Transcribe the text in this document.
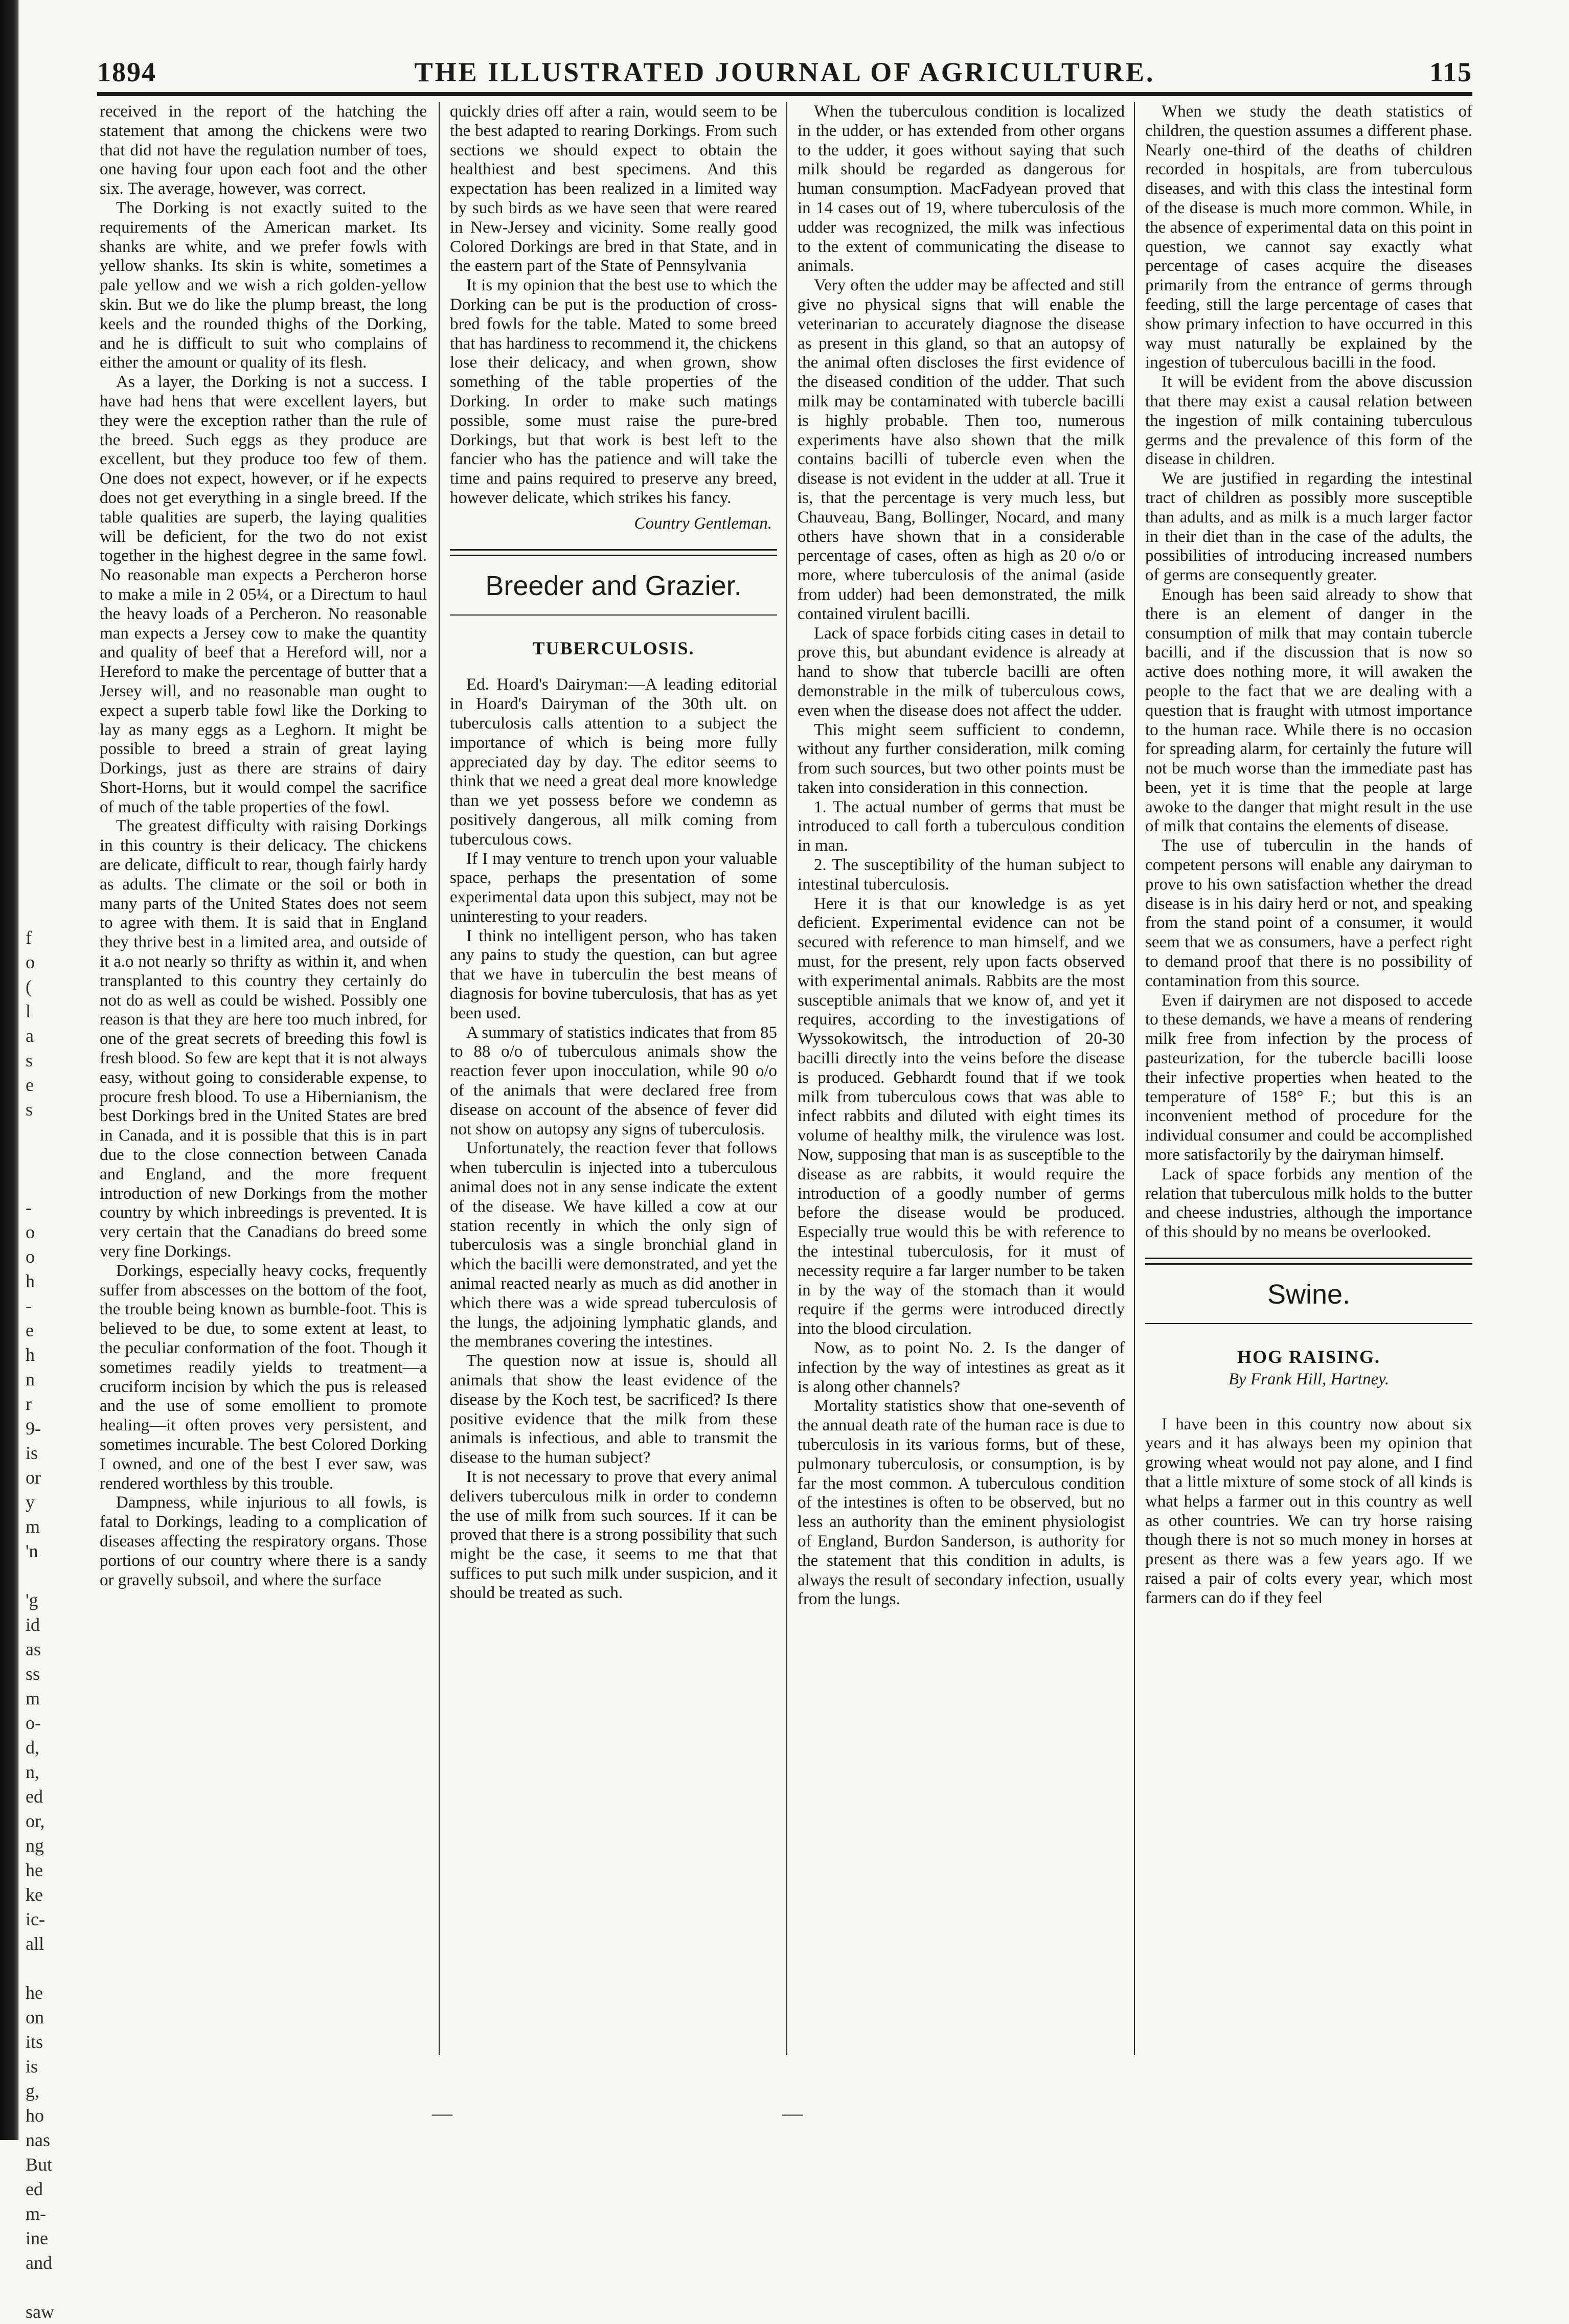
f
o
(
l
a
s
e
s
-
o
o
h
-
e
h
n
r
9-
is
or
y
m
'n
'g
id
as
ss
m
o-
d,
n,
ed
or,
ng
he
ke
ic-
all
he
on
its
is
g,
ho
nas
But
ed
m-
ine
and
saw
1894	THE ILLUSTRATED JOURNAL OF AGRICULTURE.	115

received in the report of the hatching the statement that among the chickens were two that did not have the regulation number of toes, one having four upon each foot and the other six. The average, however, was correct.

The Dorking is not exactly suited to the requirements of the American market. Its shanks are white, and we prefer fowls with yellow shanks. Its skin is white, sometimes a pale yellow and we wish a rich golden-yellow skin. But we do like the plump breast, the long keels and the rounded thighs of the Dorking, and he is difficult to suit who complains of either the amount or quality of its flesh.

As a layer, the Dorking is not a success. I have had hens that were excellent layers, but they were the exception rather than the rule of the breed. Such eggs as they produce are excellent, but they produce too few of them. One does not expect, however, or if he expects does not get everything in a single breed. If the table qualities are superb, the laying qualities will be deficient, for the two do not exist together in the highest degree in the same fowl. No reasonable man expects a Percheron horse to make a mile in 2 05¼, or a Directum to haul the heavy loads of a Percheron. No reasonable man expects a Jersey cow to make the quantity and quality of beef that a Hereford will, nor a Hereford to make the percentage of butter that a Jersey will, and no reasonable man ought to expect a superb table fowl like the Dorking to lay as many eggs as a Leghorn. It might be possible to breed a strain of great laying Dorkings, just as there are strains of dairy Short-Horns, but it would compel the sacrifice of much of the table properties of the fowl.

The greatest difficulty with raising Dorkings in this country is their delicacy. The chickens are delicate, difficult to rear, though fairly hardy as adults. The climate or the soil or both in many parts of the United States does not seem to agree with them. It is said that in England they thrive best in a limited area, and outside of it a.o not nearly so thrifty as within it, and when transplanted to this country they certainly do not do as well as could be wished. Possibly one reason is that they are here too much inbred, for one of the great secrets of breeding this fowl is fresh blood. So few are kept that it is not always easy, without going to considerable expense, to procure fresh blood. To use a Hibernianism, the best Dorkings bred in the United States are bred in Canada, and it is possible that this is in part due to the close connection between Canada and England, and the more frequent introduction of new Dorkings from the mother country by which inbreedings is prevented. It is very certain that the Canadians do breed some very fine Dorkings.

Dorkings, especially heavy cocks, frequently suffer from abscesses on the bottom of the foot, the trouble being known as bumble-foot. This is believed to be due, to some extent at least, to the peculiar conformation of the foot. Though it sometimes readily yields to treatment—a cruciform incision by which the pus is released and the use of some emollient to promote healing—it often proves very persistent, and sometimes incurable. The best Colored Dorking I owned, and one of the best I ever saw, was rendered worthless by this trouble.

Dampness, while injurious to all fowls, is fatal to Dorkings, leading to a complication of diseases affecting the respiratory organs. Those portions of our country where there is a sandy or gravelly subsoil, and where the surface

quickly dries off after a rain, would seem to be the best adapted to rearing Dorkings. From such sections we should expect to obtain the healthiest and best specimens. And this expectation has been realized in a limited way by such birds as we have seen that were reared in New-Jersey and vicinity. Some really good Colored Dorkings are bred in that State, and in the eastern part of the State of Pennsylvania

It is my opinion that the best use to which the Dorking can be put is the production of cross-bred fowls for the table. Mated to some breed that has hardiness to recommend it, the chickens lose their delicacy, and when grown, show something of the table properties of the Dorking. In order to make such matings possible, some must raise the pure-bred Dorkings, but that work is best left to the fancier who has the patience and will take the time and pains required to preserve any breed, however delicate, which strikes his fancy.

Country Gentleman.
Breeder and Grazier.
TUBERCULOSIS.

Ed. Hoard's Dairyman:—A leading editorial in Hoard's Dairyman of the 30th ult. on tuberculosis calls attention to a subject the importance of which is being more fully appreciated day by day. The editor seems to think that we need a great deal more knowledge than we yet possess before we condemn as positively dangerous, all milk coming from tuberculous cows.

If I may venture to trench upon your valuable space, perhaps the presentation of some experimental data upon this subject, may not be uninteresting to your readers.

I think no intelligent person, who has taken any pains to study the question, can but agree that we have in tuberculin the best means of diagnosis for bovine tuberculosis, that has as yet been used.

A summary of statistics indicates that from 85 to 88 o/o of tuberculous animals show the reaction fever upon inocculation, while 90 o/o of the animals that were declared free from disease on account of the absence of fever did not show on autopsy any signs of tuberculosis.

Unfortunately, the reaction fever that follows when tuberculin is injected into a tuberculous animal does not in any sense indicate the extent of the disease. We have killed a cow at our station recently in which the only sign of tuberculosis was a single bronchial gland in which the bacilli were demonstrated, and yet the animal reacted nearly as much as did another in which there was a wide spread tuberculosis of the lungs, the adjoining lymphatic glands, and the membranes covering the intestines.

The question now at issue is, should all animals that show the least evidence of the disease by the Koch test, be sacrificed? Is there positive evidence that the milk from these animals is infectious, and able to transmit the disease to the human subject?

It is not necessary to prove that every animal delivers tuberculous milk in order to condemn the use of milk from such sources. If it can be proved that there is a strong possibility that such might be the case, it seems to me that that suffices to put such milk under suspicion, and it should be treated as such.

When the tuberculous condition is localized in the udder, or has extended from other organs to the udder, it goes without saying that such milk should be regarded as dangerous for human consumption. MacFadyean proved that in 14 cases out of 19, where tuberculosis of the udder was recognized, the milk was infectious to the extent of communicating the disease to animals.

Very often the udder may be affected and still give no physical signs that will enable the veterinarian to accurately diagnose the disease as present in this gland, so that an autopsy of the animal often discloses the first evidence of the diseased condition of the udder. That such milk may be contaminated with tubercle bacilli is highly probable. Then too, numerous experiments have also shown that the milk contains bacilli of tubercle even when the disease is not evident in the udder at all. True it is, that the percentage is very much less, but Chauveau, Bang, Bollinger, Nocard, and many others have shown that in a considerable percentage of cases, often as high as 20 o/o or more, where tuberculosis of the animal (aside from udder) had been demonstrated, the milk contained virulent bacilli.

Lack of space forbids citing cases in detail to prove this, but abundant evidence is already at hand to show that tubercle bacilli are often demonstrable in the milk of tuberculous cows, even when the disease does not affect the udder.

This might seem sufficient to condemn, without any further consideration, milk coming from such sources, but two other points must be taken into consideration in this connection.

1. The actual number of germs that must be introduced to call forth a tuberculous condition in man.

2. The susceptibility of the human subject to intestinal tuberculosis.

Here it is that our knowledge is as yet deficient. Experimental evidence can not be secured with reference to man himself, and we must, for the present, rely upon facts observed with experimental animals. Rabbits are the most susceptible animals that we know of, and yet it requires, according to the investigations of Wyssokowitsch, the introduction of 20-30 bacilli directly into the veins before the disease is produced. Gebhardt found that if we took milk from tuberculous cows that was able to infect rabbits and diluted with eight times its volume of healthy milk, the virulence was lost. Now, supposing that man is as susceptible to the disease as are rabbits, it would require the introduction of a goodly number of germs before the disease would be produced. Especially true would this be with reference to the intestinal tuberculosis, for it must of necessity require a far larger number to be taken in by the way of the stomach than it would require if the germs were introduced directly into the blood circulation.

Now, as to point No. 2. Is the danger of infection by the way of intestines as great as it is along other channels?

Mortality statistics show that one-seventh of the annual death rate of the human race is due to tuberculosis in its various forms, but of these, pulmonary tuberculosis, or consumption, is by far the most common. A tuberculous condition of the intestines is often to be observed, but no less an authority than the eminent physiologist of England, Burdon Sanderson, is authority for the statement that this condition in adults, is always the result of secondary infection, usually from the lungs.

When we study the death statistics of children, the question assumes a different phase. Nearly one-third of the deaths of children recorded in hospitals, are from tuberculous diseases, and with this class the intestinal form of the disease is much more common. While, in the absence of experimental data on this point in question, we cannot say exactly what percentage of cases acquire the diseases primarily from the entrance of germs through feeding, still the large percentage of cases that show primary infection to have occurred in this way must naturally be explained by the ingestion of tuberculous bacilli in the food.

It will be evident from the above discussion that there may exist a causal relation between the ingestion of milk containing tuberculous germs and the prevalence of this form of the disease in children.

We are justified in regarding the intestinal tract of children as possibly more susceptible than adults, and as milk is a much larger factor in their diet than in the case of the adults, the possibilities of introducing increased numbers of germs are consequently greater.

Enough has been said already to show that there is an element of danger in the consumption of milk that may contain tubercle bacilli, and if the discussion that is now so active does nothing more, it will awaken the people to the fact that we are dealing with a question that is fraught with utmost importance to the human race. While there is no occasion for spreading alarm, for certainly the future will not be much worse than the immediate past has been, yet it is time that the people at large awoke to the danger that might result in the use of milk that contains the elements of disease.

The use of tuberculin in the hands of competent persons will enable any dairyman to prove to his own satisfaction whether the dread disease is in his dairy herd or not, and speaking from the stand point of a consumer, it would seem that we as consumers, have a perfect right to demand proof that there is no possibility of contamination from this source.

Even if dairymen are not disposed to accede to these demands, we have a means of rendering milk free from infection by the process of pasteurization, for the tubercle bacilli loose their infective properties when heated to the temperature of 158° F.; but this is an inconvenient method of procedure for the individual consumer and could be accomplished more satisfactorily by the dairyman himself.

Lack of space forbids any mention of the relation that tuberculous milk holds to the butter and cheese industries, although the importance of this should by no means be overlooked.

Swine.
HOG RAISING.
By Frank Hill, Hartney.

I have been in this country now about six years and it has always been my opinion that growing wheat would not pay alone, and I find that a little mixture of some stock of all kinds is what helps a farmer out in this country as well as other countries. We can try horse raising though there is not so much money in horses at present as there was a few years ago. If we raised a pair of colts every year, which most farmers can do if they feel

—	—
